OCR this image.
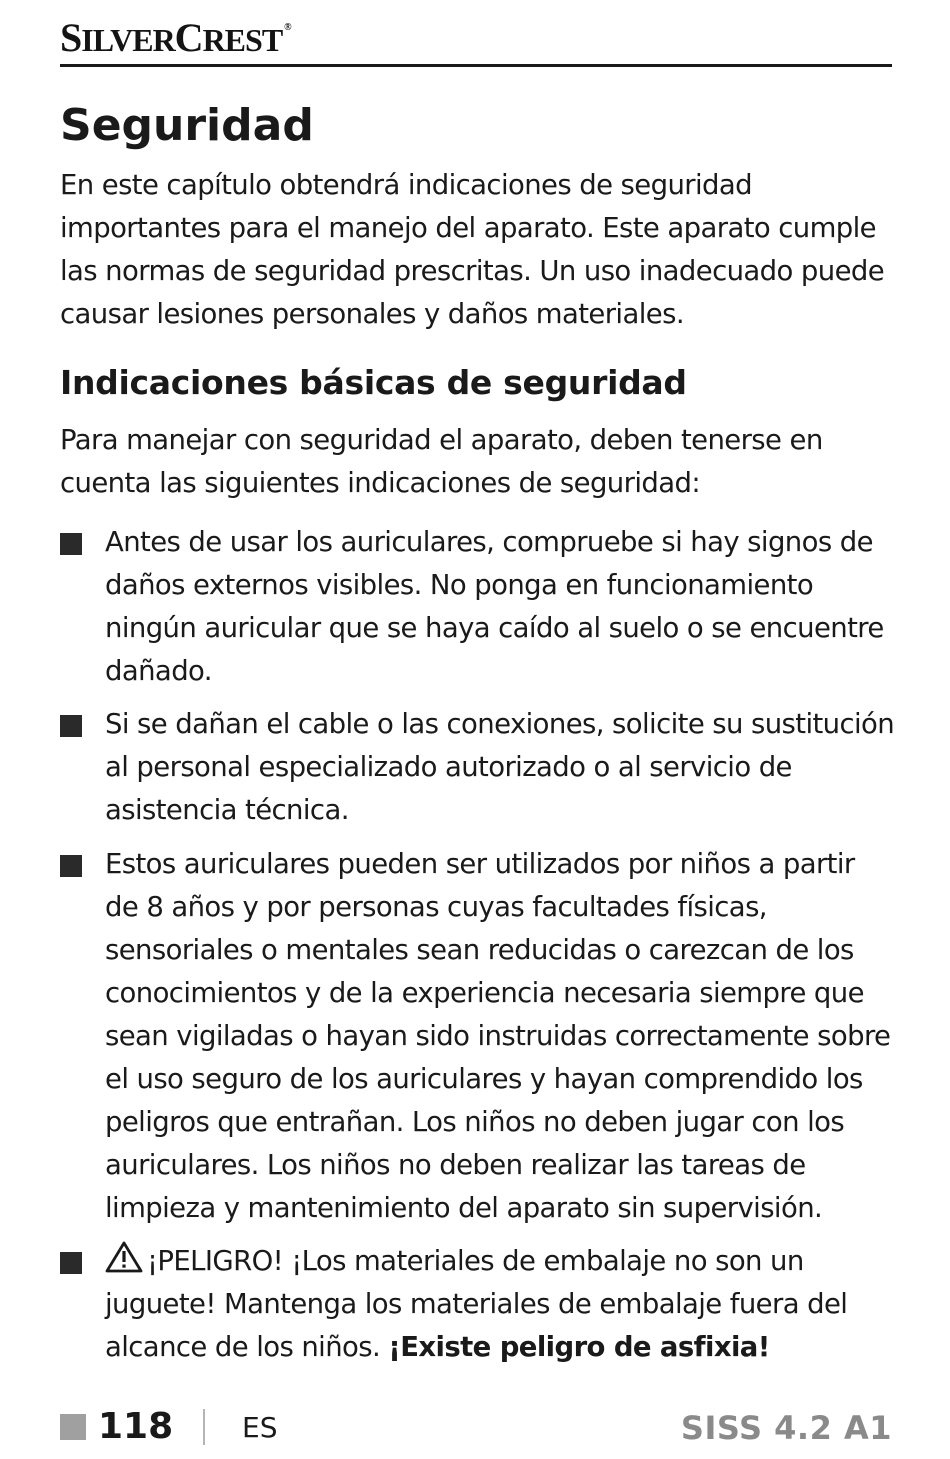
SILVERCREST ®
Seguridad

En este capítulo obtendrá indicaciones de seguridad importantes para el manejo del aparato. Este aparato cumple las normas de seguridad prescritas. Un uso inadecuado puede causar lesiones personales y daños materiales.

Indicaciones básicas de seguridad

Para manejar con seguridad el aparato, deben tenerse en cuenta las siguientes indicaciones de seguridad:

Antes de usar los auriculares, compruebe si hay signos de daños externos visibles. No ponga en funcionamiento ningún auricular que se haya caído al suelo o se encuentre dañado.

Si se dañan el cable o las conexiones, solicite su sustitución al personal especializado autorizado o al servicio de asistencia técnica.

Estos auriculares pueden ser utilizados por niños a partir de 8 años y por personas cuyas facultades físicas, sensoriales o mentales sean reducidas o carezcan de los conocimientos y de la experiencia necesaria siempre que sean vigiladas o hayan sido instruidas correctamente sobre el uso seguro de los auriculares y hayan comprendido los peligros que entrañan. Los niños no deben jugar con los auriculares. Los niños no deben realizar las tareas de limpieza y mantenimiento del aparato sin supervisión.

¡PELIGRO! ¡Los materiales de embalaje no son un juguete! Mantenga los materiales de embalaje fuera del alcance de los niños. ¡Existe peligro de asfixia!

118 ES	SISS 4.2 A1
